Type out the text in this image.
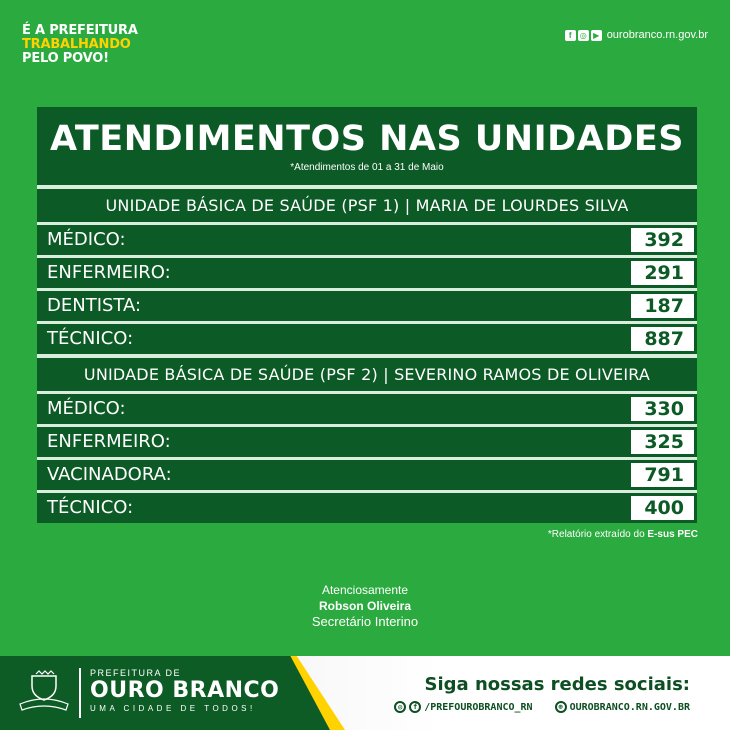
É A PREFEITURA
TRABALHANDO
PELO POVO!
f	◎ ▶ ourobranco.rn.gov.br
ATENDIMENTOS NAS UNIDADES
*Atendimentos de 01 a 31 de Maio
UNIDADE BÁSICA DE SAÚDE (PSF 1) | MARIA DE LOURDES SILVA
MÉDICO:	392
ENFERMEIRO:	291
DENTISTA:	187
TÉCNICO:	887
UNIDADE BÁSICA DE SAÚDE (PSF 2) | SEVERINO RAMOS DE OLIVEIRA
MÉDICO:	330
ENFERMEIRO:	325
VACINADORA:	791
TÉCNICO:	400
*Relatório extraído do E-sus PEC
Atenciosamente
Robson Oliveira
Secretário Interino
PREFEITURA DE
OURO BRANCO
UMA CIDADE DE TODOS!
Siga nossas redes sociais:
◎	f /PREFOUROBRANCO_RN	⊕ OUROBRANCO.RN.GOV.BR
